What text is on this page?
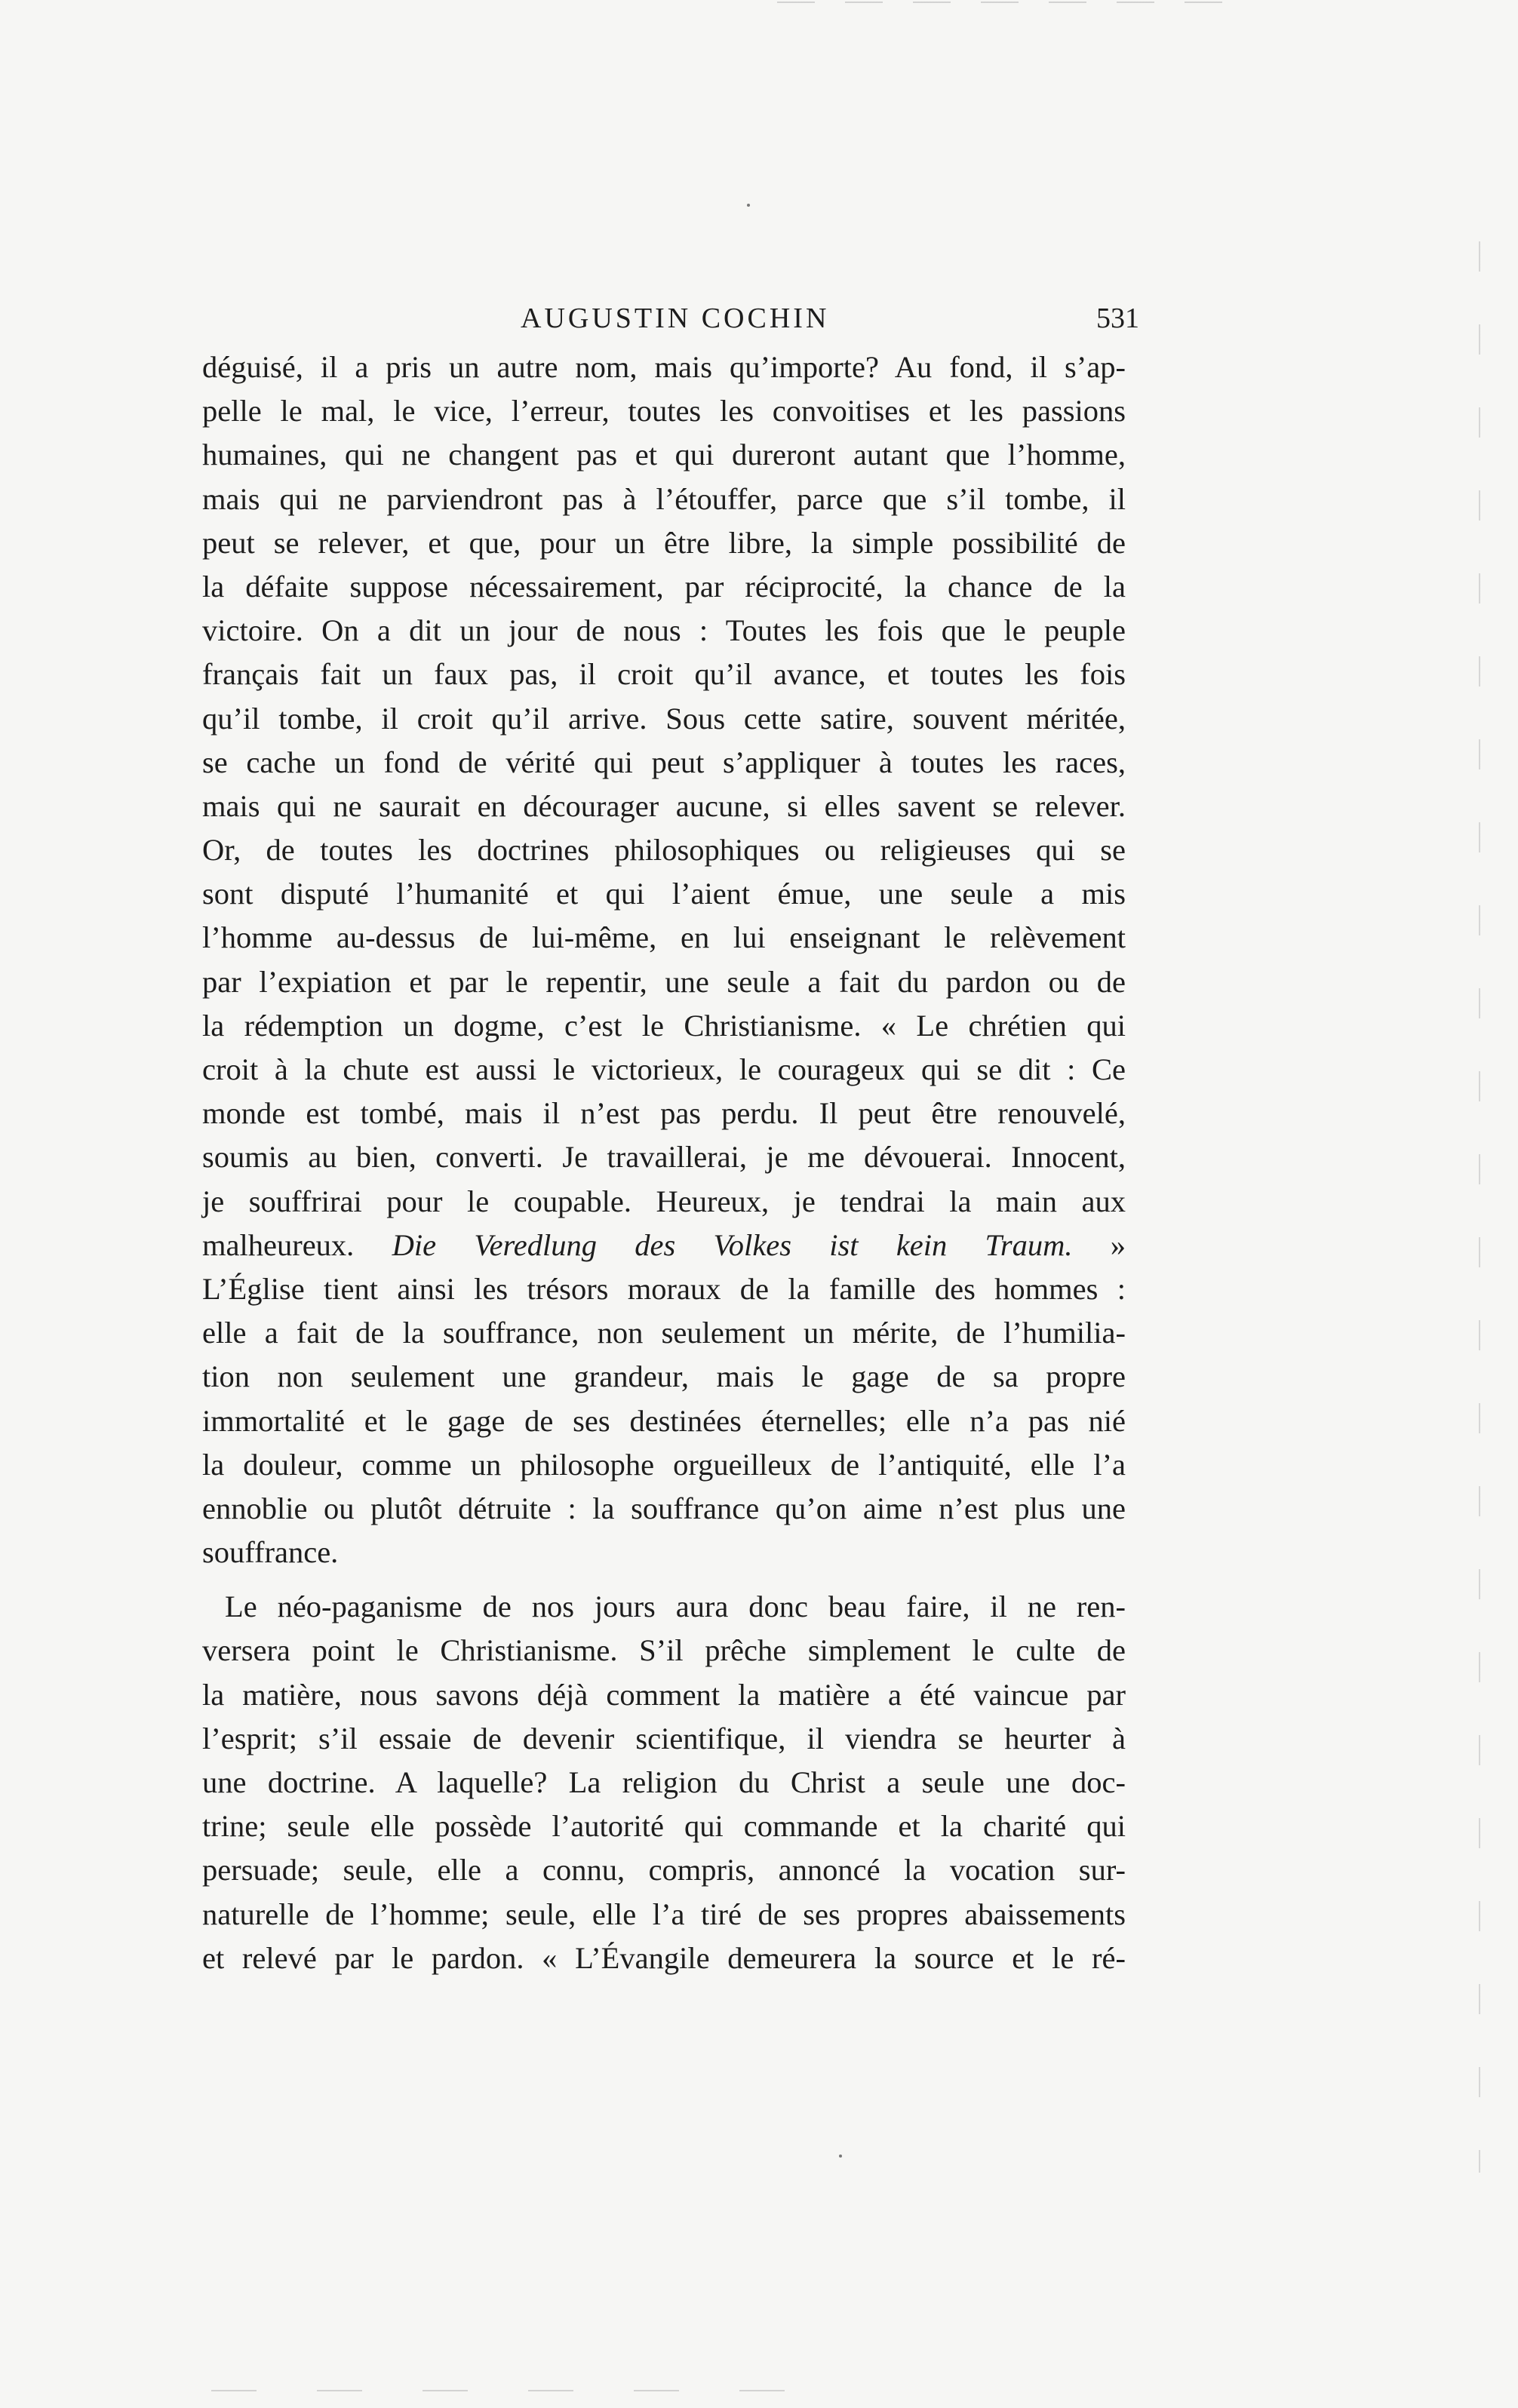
AUGUSTIN COCHIN	531
déguisé, il a pris un autre nom, mais qu’importe? Au fond, il s’ap-
pelle le mal, le vice, l’erreur, toutes les convoitises et les passions
humaines, qui ne changent pas et qui dureront autant que l’homme,
mais qui ne parviendront pas à l’étouffer, parce que s’il tombe, il
peut se relever, et que, pour un être libre, la simple possibilité de
la défaite suppose nécessairement, par réciprocité, la chance de la
victoire. On a dit un jour de nous : Toutes les fois que le peuple
français fait un faux pas, il croit qu’il avance, et toutes les fois
qu’il tombe, il croit qu’il arrive. Sous cette satire, souvent méritée,
se cache un fond de vérité qui peut s’appliquer à toutes les races,
mais qui ne saurait en décourager aucune, si elles savent se relever.
Or, de toutes les doctrines philosophiques ou religieuses qui se
sont disputé l’humanité et qui l’aient émue, une seule a mis
l’homme au-dessus de lui-même, en lui enseignant le relèvement
par l’expiation et par le repentir, une seule a fait du pardon ou de
la rédemption un dogme, c’est le Christianisme. « Le chrétien qui
croit à la chute est aussi le victorieux, le courageux qui se dit : Ce
monde est tombé, mais il n’est pas perdu. Il peut être renouvelé,
soumis au bien, converti. Je travaillerai, je me dévouerai. Innocent,
je souffrirai pour le coupable. Heureux, je tendrai la main aux
malheureux. Die Veredlung des Volkes ist kein Traum. »
L’Église tient ainsi les trésors moraux de la famille des hommes :
elle a fait de la souffrance, non seulement un mérite, de l’humilia-
tion non seulement une grandeur, mais le gage de sa propre
immortalité et le gage de ses destinées éternelles; elle n’a pas nié
la douleur, comme un philosophe orgueilleux de l’antiquité, elle l’a
ennoblie ou plutôt détruite : la souffrance qu’on aime n’est plus une
souffrance.
Le néo-paganisme de nos jours aura donc beau faire, il ne ren-
versera point le Christianisme. S’il prêche simplement le culte de
la matière, nous savons déjà comment la matière a été vaincue par
l’esprit; s’il essaie de devenir scientifique, il viendra se heurter à
une doctrine. A laquelle? La religion du Christ a seule une doc-
trine; seule elle possède l’autorité qui commande et la charité qui
persuade; seule, elle a connu, compris, annoncé la vocation sur-
naturelle de l’homme; seule, elle l’a tiré de ses propres abaissements
et relevé par le pardon. « L’Évangile demeurera la source et le ré-
